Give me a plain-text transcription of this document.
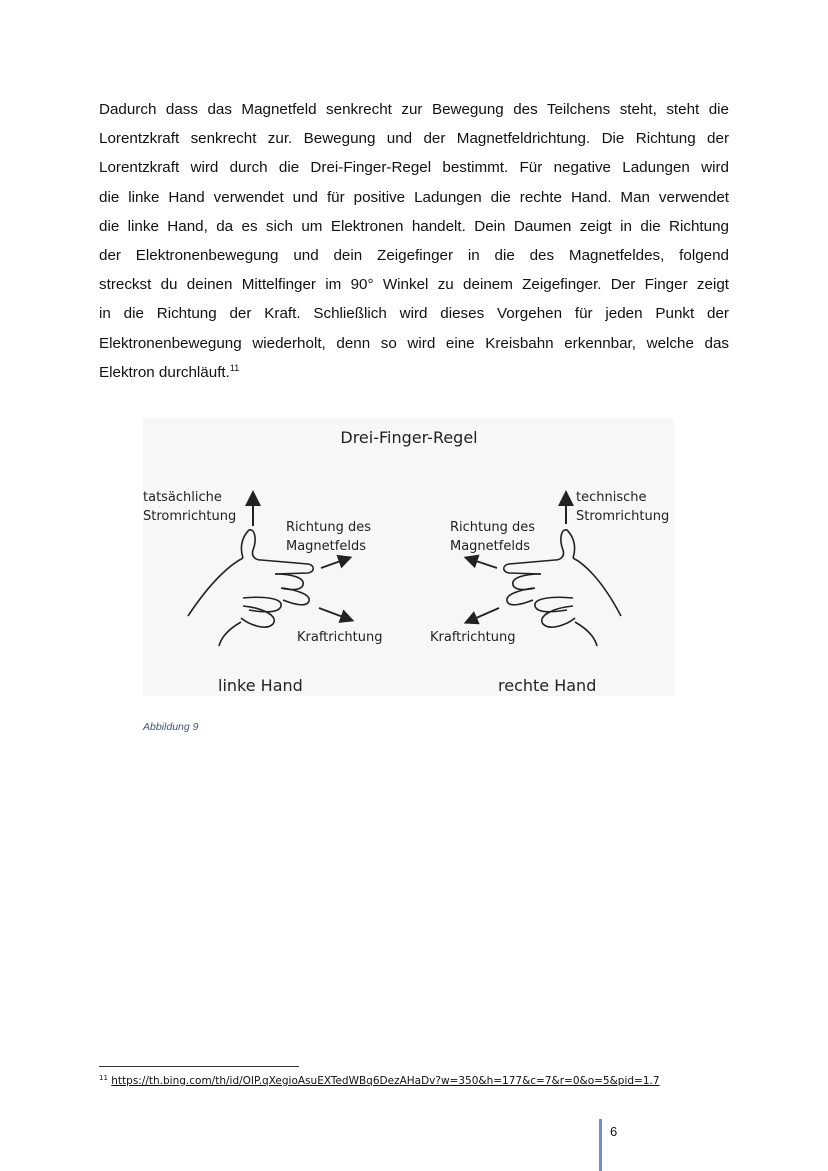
Dadurch dass das Magnetfeld senkrecht zur Bewegung des Teilchens steht, steht die
Lorentzkraft senkrecht zur. Bewegung und der Magnetfeldrichtung. Die Richtung der
Lorentzkraft wird durch die Drei-Finger-Regel bestimmt. Für negative Ladungen wird
die linke Hand verwendet und für positive Ladungen die rechte Hand. Man verwendet
die linke Hand, da es sich um Elektronen handelt. Dein Daumen zeigt in die Richtung
der Elektronenbewegung und dein Zeigefinger in die des Magnetfeldes, folgend
streckst du deinen Mittelfinger im 90° Winkel zu deinem Zeigefinger. Der Finger zeigt
in die Richtung der Kraft. Schließlich wird dieses Vorgehen für jeden Punkt der
Elektronenbewegung wiederholt, denn so wird eine Kreisbahn erkennbar, welche das
Elektron durchläuft.$^{11}$
Drei-Finger-Regel
tatsächliche
Stromrichtung
Richtung des
Magnetfelds
Kraftrichtung
technische
Stromrichtung
Richtung des
Magnetfelds
Kraftrichtung
linke Hand	rechte Hand
Abbildung 9
$^{11}$ https://th.bing.com/th/id/OIP.qXegioAsuEXTedWBq6DezAHaDv?w=350&h=177&c=7&r=0&o=5&pid=1.7
6
